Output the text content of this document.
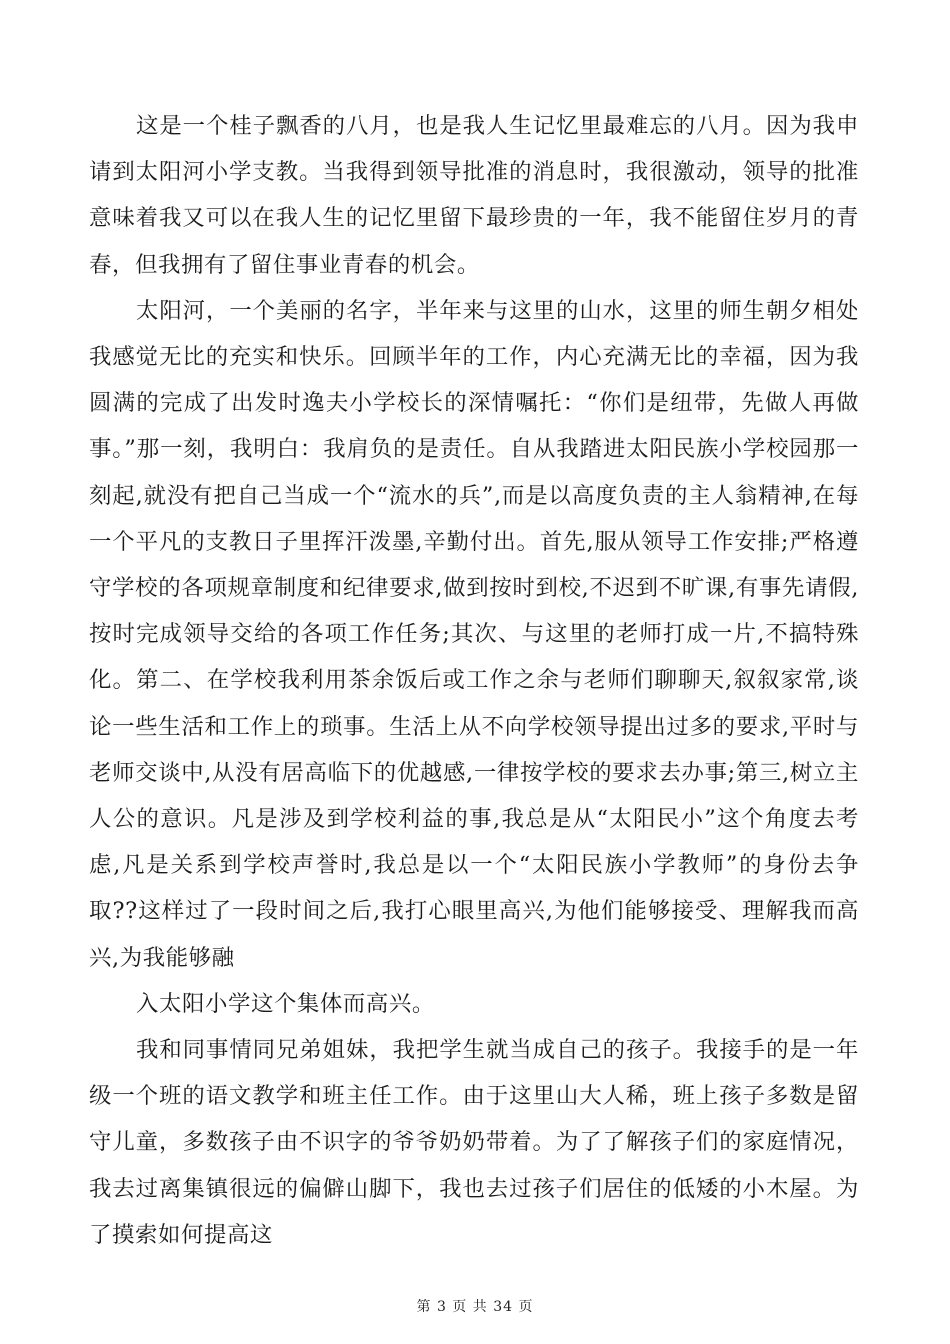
这是一个桂子飘香的八月，也是我人生记忆里最难忘的八月。因为我申请到太阳河小学支教。当我得到领导批准的消息时，我很激动，领导的批准意味着我又可以在我人生的记忆里留下最珍贵的一年，我不能留住岁月的青春，但我拥有了留住事业青春的机会。

太阳河，一个美丽的名字，半年来与这里的山水，这里的师生朝夕相处我感觉无比的充实和快乐。回顾半年的工作，内心充满无比的幸福，因为我圆满的完成了出发时逸夫小学校长的深情嘱托：“你们是纽带，先做人再做事。”那一刻，我明白：我肩负的是责任。自从我踏进太阳民族小学校园那一刻起,就没有把自己当成一个“流水的兵”,而是以高度负责的主人翁精神,在每一个平凡的支教日子里挥汗泼墨,辛勤付出。首先,服从领导工作安排;严格遵守学校的各项规章制度和纪律要求,做到按时到校,不迟到不旷课,有事先请假,按时完成领导交给的各项工作任务;其次、与这里的老师打成一片,不搞特殊化。第二、在学校我利用茶余饭后或工作之余与老师们聊聊天,叙叙家常,谈论一些生活和工作上的琐事。生活上从不向学校领导提出过多的要求,平时与老师交谈中,从没有居高临下的优越感,一律按学校的要求去办事;第三,树立主人公的意识。凡是涉及到学校利益的事,我总是从“太阳民小”这个角度去考虑,凡是关系到学校声誉时,我总是以一个“太阳民族小学教师”的身份去争取??这样过了一段时间之后,我打心眼里高兴,为他们能够接受、理解我而高兴,为我能够融

入太阳小学这个集体而高兴。

我和同事情同兄弟姐妹，我把学生就当成自己的孩子。我接手的是一年级一个班的语文教学和班主任工作。由于这里山大人稀，班上孩子多数是留守儿童，多数孩子由不识字的爷爷奶奶带着。为了了解孩子们的家庭情况，我去过离集镇很远的偏僻山脚下，我也去过孩子们居住的低矮的小木屋。为了摸索如何提高这

第 3 页 共 34 页
